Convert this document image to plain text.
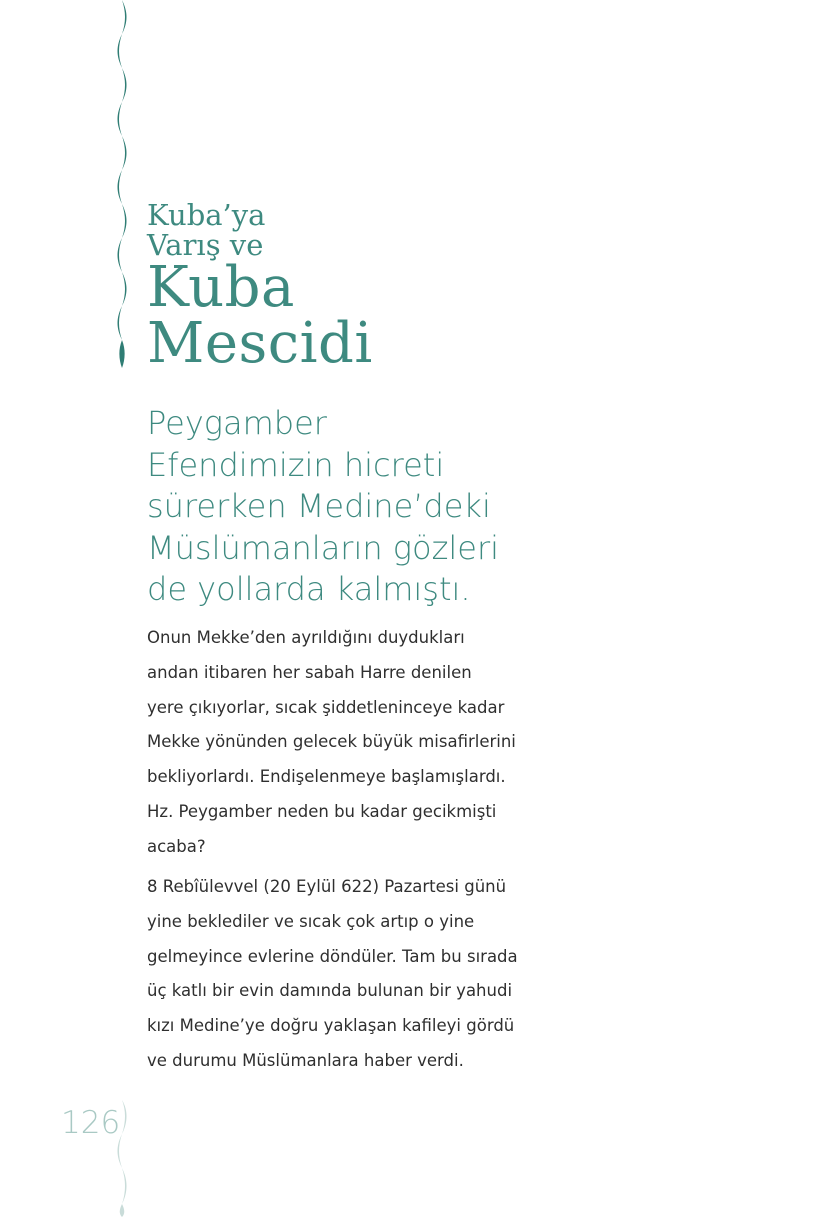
Kuba’ya
Varış ve
Kuba
Mescidi
Peygamber
Efendimizin hicreti
sürerken Medine’deki
Müslümanların gözleri
de yollarda kalmıştı.
Onun Mekke’den ayrıldığını duydukları
andan itibaren her sabah Harre denilen
yere çıkıyorlar, sıcak şiddetleninceye kadar
Mekke yönünden gelecek büyük misafirlerini
bekliyorlardı. Endişelenmeye başlamışlardı.
Hz. Peygamber neden bu kadar gecikmişti
acaba?
8 Rebîülevvel (20 Eylül 622) Pazartesi günü
yine beklediler ve sıcak çok artıp o yine
gelmeyince evlerine döndüler. Tam bu sırada
üç katlı bir evin damında bulunan bir yahudi
kızı Medine’ye doğru yaklaşan kafileyi gördü
ve durumu Müslümanlara haber verdi.
126
